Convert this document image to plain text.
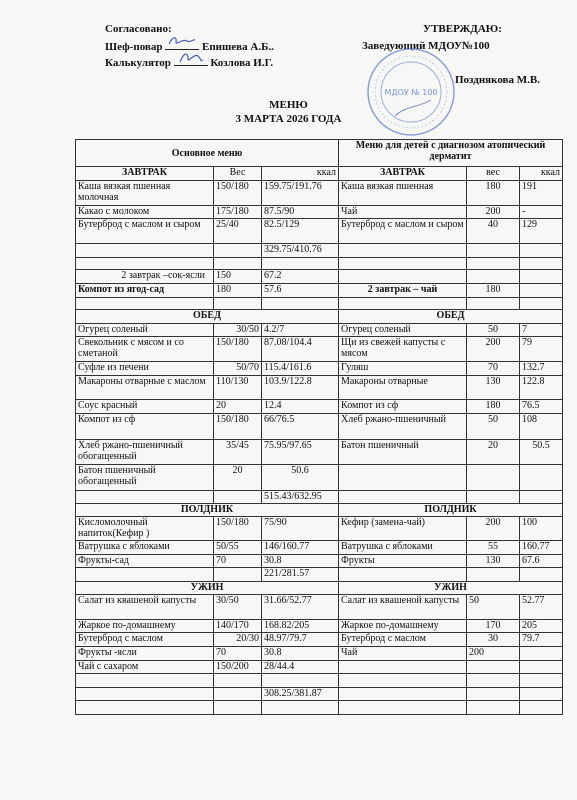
Согласовано:
Шеф-повар	Епишева А.Б..
Калькулятор	Козлова И.Г.
УТВЕРЖДАЮ:
Заведующий МДОУ№100
Позднякова М.В.
МДОУ № 100
МЕНЮ
3 МАРТА 2026 ГОДА
Основное меню			Меню для детей с диагнозом атопический дерматит		
ЗАВТРАК	Вес	ккал	ЗАВТРАК	вес	ккал
Каша вязкая пшенная молочная	150/180	159.75/191.76	Каша вязкая пшенная	180	191
Какао с молоком	175/180	87.5/90	Чай	200	-
Бутерброд с маслом и сыром	25/40	82.5/129	Бутерброд с маслом и сыром	40	129
		329.75/410.76			

2 завтрак –сок-ясли	150	67.2			
Компот из ягод-сад	180	57.6	2 завтрак – чай	180	

ОБЕД			ОБЕД		
Огурец соленый	30/50	4.2/7	Огурец соленый	50	7
Свекольник с мясом и со сметаной	150/180	87.08/104.4	Щи из свежей капусты с мясом	200	79
Суфле из печени	50/70	115.4/161.6	Гуляш	70	132.7
Макароны отварные с маслом	110/130	103.9/122.8	Макароны отварные	130	122.8
Соус красный	20	12.4	Компот из сф	180	76.5
Компот из сф	150/180	66/76.5	Хлеб ржано-пшеничный	50	108
Хлеб ржано-пшеничный обогащенный	35/45	75.95/97.65	Батон пшеничный	20	50.5
Батон пшеничный обогащенный	20	50.6			
		515.43/632.95			
ПОЛДНИК			ПОЛДНИК		
Кисломолочный напиток(Кефир )	150/180	75/90	Кефир (замена-чай)	200	100
Ватрушка с яблоками	50/55	146/160.77	Ватрушка с яблоками	55	160.77
Фрукты-сад	70	30.8	Фрукты	130	67.6
		221/281.57			
УЖИН			УЖИН		
Салат из квашеной капусты	30/50	31.66/52.77	Салат из квашеной капусты	50	52.77
Жаркое по-домашнему	140/170	168.82/205	Жаркое по-домашнему	170	205
Бутерброд с маслом	20/30	48.97/79.7	Бутерброд с маслом	30	79.7
Фрукты -ясли	70	30.8	Чай	200	
Чай с сахаром	150/200	28/44.4			

		308.25/381.87			
